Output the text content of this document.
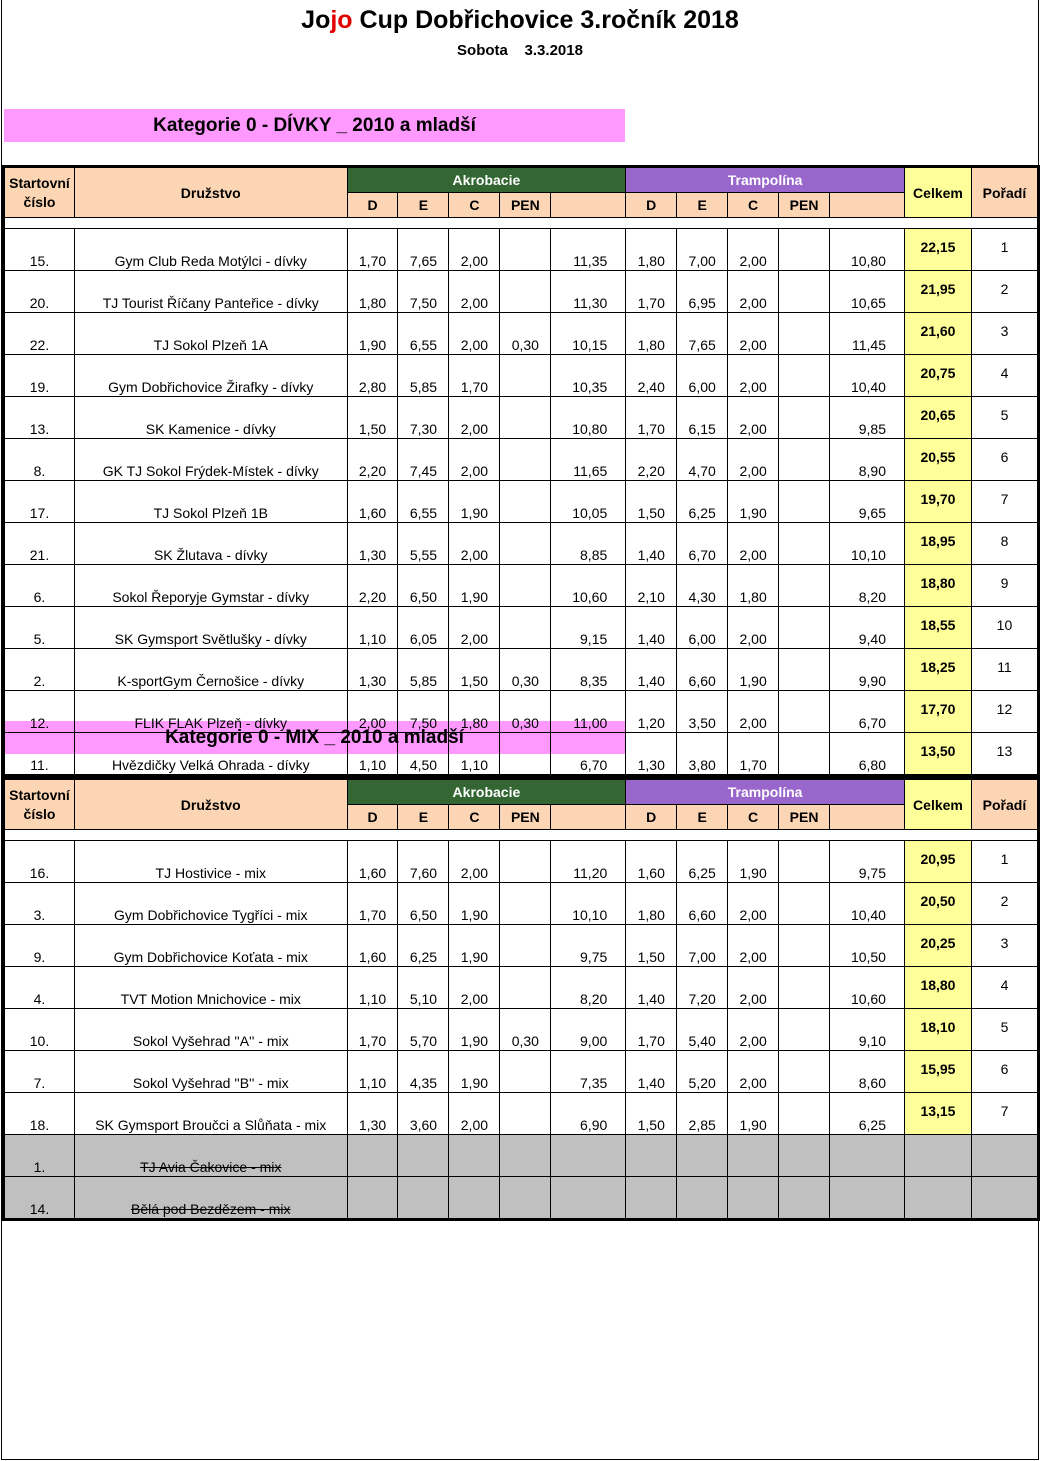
Jojo Cup Dobřichovice 3.ročník 2018
Sobota    3.3.2018
Kategorie 0 - DÍVKY _ 2010 a mladší
Kategorie 0 - MIX _ 2010 a mladší
Startovní
číslo	Družstvo	Akrobacie					Trampolína					Celkem	Pořadí
		D	E	C	PEN		D	E	C	PEN			

15.	Gym Club Reda Motýlci - dívky	1,70	7,65	2,00		11,35	1,80	7,00	2,00		10,80	22,15	1
20.	TJ Tourist Říčany Panteřice - dívky	1,80	7,50	2,00		11,30	1,70	6,95	2,00		10,65	21,95	2
22.	TJ Sokol Plzeň 1A	1,90	6,55	2,00	0,30	10,15	1,80	7,65	2,00		11,45	21,60	3
19.	Gym Dobřichovice Žirafky - dívky	2,80	5,85	1,70		10,35	2,40	6,00	2,00		10,40	20,75	4
13.	SK Kamenice - dívky	1,50	7,30	2,00		10,80	1,70	6,15	2,00		9,85	20,65	5
8.	GK TJ Sokol Frýdek-Místek - dívky	2,20	7,45	2,00		11,65	2,20	4,70	2,00		8,90	20,55	6
17.	TJ Sokol Plzeň 1B	1,60	6,55	1,90		10,05	1,50	6,25	1,90		9,65	19,70	7
21.	SK Žlutava - dívky	1,30	5,55	2,00		8,85	1,40	6,70	2,00		10,10	18,95	8
6.	Sokol Řeporyje Gymstar - dívky	2,20	6,50	1,90		10,60	2,10	4,30	1,80		8,20	18,80	9
5.	SK Gymsport Světlušky - dívky	1,10	6,05	2,00		9,15	1,40	6,00	2,00		9,40	18,55	10
2.	K-sportGym Černošice - dívky	1,30	5,85	1,50	0,30	8,35	1,40	6,60	1,90		9,90	18,25	11
12.	FLIK FLAK Plzeň - dívky	2,00	7,50	1,80	0,30	11,00	1,20	3,50	2,00		6,70	17,70	12
11.	Hvězdičky Velká Ohrada - dívky	1,10	4,50	1,10		6,70	1,30	3,80	1,70		6,80	13,50	13
Startovní
číslo	Družstvo	Akrobacie					Trampolína					Celkem	Pořadí
		D	E	C	PEN		D	E	C	PEN			

16.	TJ Hostivice - mix	1,60	7,60	2,00		11,20	1,60	6,25	1,90		9,75	20,95	1
3.	Gym Dobřichovice Tygříci - mix	1,70	6,50	1,90		10,10	1,80	6,60	2,00		10,40	20,50	2
9.	Gym Dobřichovice Koťata - mix	1,60	6,25	1,90		9,75	1,50	7,00	2,00		10,50	20,25	3
4.	TVT Motion Mnichovice - mix	1,10	5,10	2,00		8,20	1,40	7,20	2,00		10,60	18,80	4
10.	Sokol Vyšehrad ''A'' - mix	1,70	5,70	1,90	0,30	9,00	1,70	5,40	2,00		9,10	18,10	5
7.	Sokol Vyšehrad ''B'' - mix	1,10	4,35	1,90		7,35	1,40	5,20	2,00		8,60	15,95	6
18.	SK Gymsport Broučci a Slůňata - mix	1,30	3,60	2,00		6,90	1,50	2,85	1,90		6,25	13,15	7
1.	TJ Avia Čakovice - mix												
14.	Bělá pod Bezdězem - mix												
